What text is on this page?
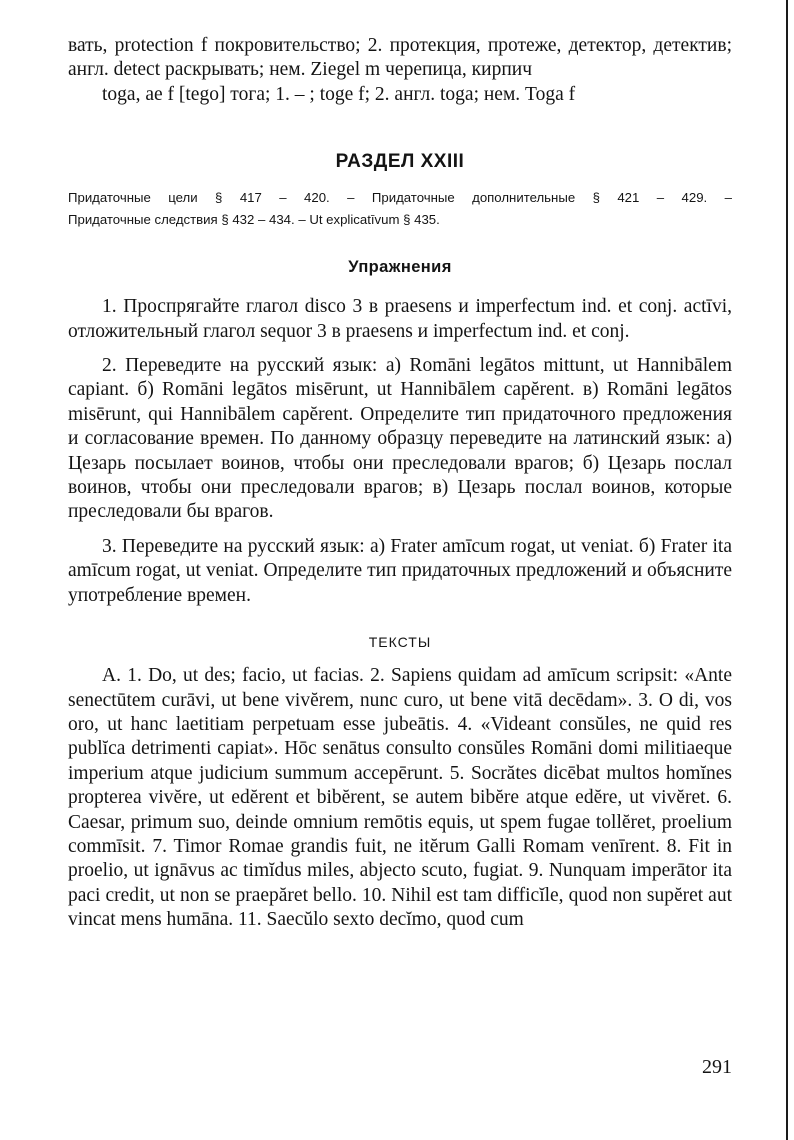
вать, protection f покровительство; 2. протекция, протеже, детектор, детектив; англ. detect раскрывать; нем. Ziegel m черепица, кирпич

toga, ae f [tego] тога; 1. – ; toge f; 2. англ. toga; нем. Toga f

РАЗДЕЛ XXIII
Придаточные цели § 417 – 420. – Придаточные дополнительные § 421 – 429. –
Придаточные следствия § 432 – 434. – Ut explicatīvum § 435.
Упражнения

1. Проспрягайте глагол disco 3 в praesens и imperfectum ind. et conj. actīvi, отложительный глагол sequor 3 в praesens и imperfectum ind. et conj.

2. Переведите на русский язык: а) Romāni legātos mittunt, ut Hannibālem capiant. б) Romāni legātos misērunt, ut Hannibālem capĕrent. в) Romāni legātos misērunt, qui Hannibālem capĕrent. Определите тип придаточного предложения и согласование времен. По данному образцу переведите на латинский язык: а) Цезарь посылает воинов, чтобы они преследовали врагов; б) Цезарь послал воинов, чтобы они преследовали врагов; в) Цезарь послал воинов, которые преследовали бы врагов.

3. Переведите на русский язык: а) Frater amīcum rogat, ut veniat. б) Frater ita amīcum rogat, ut veniat. Определите тип придаточных предложений и объясните употребление времен.

ТЕКСТЫ

А. 1. Do, ut des; facio, ut facias. 2. Sapiens quidam ad amīcum scripsit: «Ante senectūtem curāvi, ut bene vivĕrem, nunc curo, ut bene vitā decēdam». 3. O di, vos oro, ut hanc laetitiam perpetuam esse jubeātis. 4. «Videant consŭles, ne quid res publĭca detrimenti capiat». Hōc senātus consulto consŭles Romāni domi militiaeque imperium atque judicium summum accepērunt. 5. Socrătes dicēbat multos homĭnes propterea vivĕre, ut edĕrent et bibĕrent, se autem bibĕre atque edĕre, ut vivĕret. 6. Caesar, primum suo, deinde omnium remōtis equis, ut spem fugae tollĕret, proelium commīsit. 7. Timor Romae grandis fuit, ne itĕrum Galli Romam venīrent. 8. Fit in proelio, ut ignāvus ac timĭdus miles, abjecto scuto, fugiat. 9. Nunquam imperātor ita paci credit, ut non se praepăret bello. 10. Nihil est tam difficĭle, quod non supĕret aut vincat mens humāna. 11. Saecŭlo sexto decĭmo, quod cum

291
